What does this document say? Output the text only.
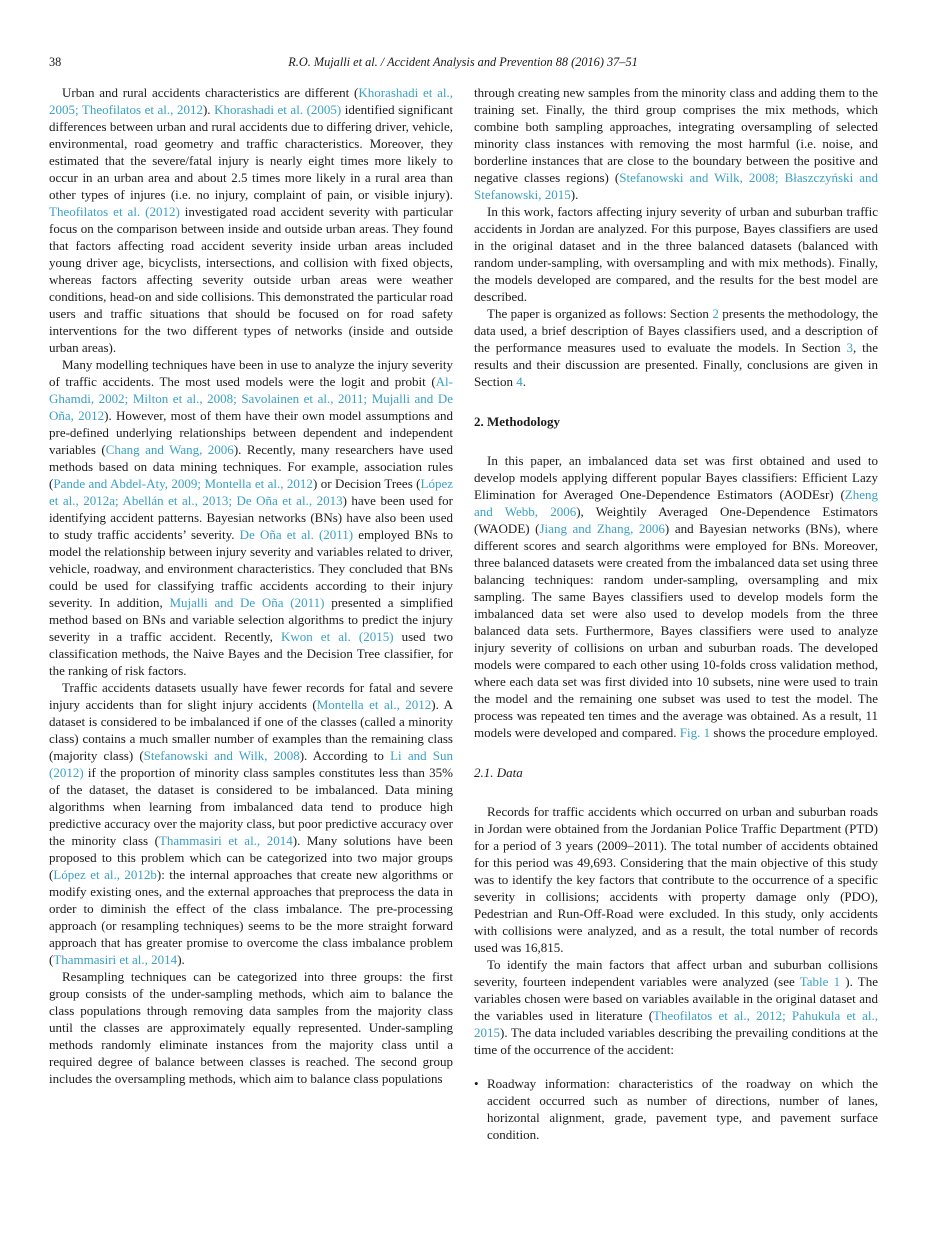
38	R.O. Mujalli et al. / Accident Analysis and Prevention 88 (2016) 37–51

Urban and rural accidents characteristics are different (Khorashadi et al., 2005; Theofilatos et al., 2012). Khorashadi et al. (2005) identified significant differences between urban and rural accidents due to differing driver, vehicle, environmental, road geometry and traffic characteristics. Moreover, they estimated that the severe/fatal injury is nearly eight times more likely to occur in an urban area and about 2.5 times more likely in a rural area than other types of injures (i.e. no injury, complaint of pain, or visible injury). Theofilatos et al. (2012) investigated road accident severity with particular focus on the comparison between inside and outside urban areas. They found that factors affecting road accident severity inside urban areas included young driver age, bicyclists, intersections, and collision with fixed objects, whereas factors affecting severity outside urban areas were weather conditions, head-on and side collisions. This demonstrated the particular road users and traffic situations that should be focused on for road safety interventions for the two different types of networks (inside and outside urban areas).

Many modelling techniques have been in use to analyze the injury severity of traffic accidents. The most used models were the logit and probit (Al-Ghamdi, 2002; Milton et al., 2008; Savolainen et al., 2011; Mujalli and De Oña, 2012). However, most of them have their own model assumptions and pre-defined underlying relationships between dependent and independent variables (Chang and Wang, 2006). Recently, many researchers have used methods based on data mining techniques. For example, association rules (Pande and Abdel-Aty, 2009; Montella et al., 2012) or Decision Trees (López et al., 2012a; Abellán et al., 2013; De Oña et al., 2013) have been used for identifying accident patterns. Bayesian networks (BNs) have also been used to study traffic accidents’ severity. De Oña et al. (2011) employed BNs to model the relationship between injury severity and variables related to driver, vehicle, roadway, and environment characteristics. They concluded that BNs could be used for classifying traffic accidents according to their injury severity. In addition, Mujalli and De Oña (2011) presented a simplified method based on BNs and variable selection algorithms to predict the injury severity in a traffic accident. Recently, Kwon et al. (2015) used two classification methods, the Naive Bayes and the Decision Tree classifier, for the ranking of risk factors.

Traffic accidents datasets usually have fewer records for fatal and severe injury accidents than for slight injury accidents (Montella et al., 2012). A dataset is considered to be imbalanced if one of the classes (called a minority class) contains a much smaller number of examples than the remaining class (majority class) (Stefanowski and Wilk, 2008). According to Li and Sun (2012) if the proportion of minority class samples constitutes less than 35% of the dataset, the dataset is considered to be imbalanced. Data mining algorithms when learning from imbalanced data tend to produce high predictive accuracy over the majority class, but poor predictive accuracy over the minority class (Thammasiri et al., 2014). Many solutions have been proposed to this problem which can be categorized into two major groups (López et al., 2012b): the internal approaches that create new algorithms or modify existing ones, and the external approaches that preprocess the data in order to diminish the effect of the class imbalance. The pre-processing approach (or resampling techniques) seems to be the more straight forward approach that has greater promise to overcome the class imbalance problem (Thammasiri et al., 2014).

Resampling techniques can be categorized into three groups: the first group consists of the under-sampling methods, which aim to balance the class populations through removing data samples from the majority class until the classes are approximately equally represented. Under-sampling methods randomly eliminate instances from the majority class until a required degree of balance between classes is reached. The second group includes the oversampling methods, which aim to balance class populations

through creating new samples from the minority class and adding them to the training set. Finally, the third group comprises the mix methods, which combine both sampling approaches, integrating oversampling of selected minority class instances with removing the most harmful (i.e. noise, and borderline instances that are close to the boundary between the positive and negative classes regions) (Stefanowski and Wilk, 2008; Błaszczyński and Stefanowski, 2015).

In this work, factors affecting injury severity of urban and suburban traffic accidents in Jordan are analyzed. For this purpose, Bayes classifiers are used in the original dataset and in the three balanced datasets (balanced with random under-sampling, with oversampling and with mix methods). Finally, the models developed are compared, and the results for the best model are described.

The paper is organized as follows: Section 2 presents the methodology, the data used, a brief description of Bayes classifiers used, and a description of the performance measures used to evaluate the models. In Section 3, the results and their discussion are presented. Finally, conclusions are given in Section 4.

2. Methodology

In this paper, an imbalanced data set was first obtained and used to develop models applying different popular Bayes classifiers: Efficient Lazy Elimination for Averaged One-Dependence Estimators (AODEsr) (Zheng and Webb, 2006), Weightily Averaged One-Dependence Estimators (WAODE) (Jiang and Zhang, 2006) and Bayesian networks (BNs), where different scores and search algorithms were employed for BNs. Moreover, three balanced datasets were created from the imbalanced data set using three balancing techniques: random under-sampling, oversampling and mix sampling. The same Bayes classifiers used to develop models form the imbalanced data set were also used to develop models from the three balanced data sets. Furthermore, Bayes classifiers were used to analyze injury severity of collisions on urban and suburban roads. The developed models were compared to each other using 10-folds cross validation method, where each data set was first divided into 10 subsets, nine were used to train the model and the remaining one subset was used to test the model. The process was repeated ten times and the average was obtained. As a result, 11 models were developed and compared. Fig. 1 shows the procedure employed.

2.1. Data

Records for traffic accidents which occurred on urban and suburban roads in Jordan were obtained from the Jordanian Police Traffic Department (PTD) for a period of 3 years (2009–2011). The total number of accidents obtained for this period was 49,693. Considering that the main objective of this study was to identify the key factors that contribute to the occurrence of a specific severity in collisions; accidents with property damage only (PDO), Pedestrian and Run-Off-Road were excluded. In this study, only accidents with collisions were analyzed, and as a result, the total number of records used was 16,815.

To identify the main factors that affect urban and suburban collisions severity, fourteen independent variables were analyzed (see Table 1 ). The variables chosen were based on variables available in the original dataset and the variables used in literature (Theofilatos et al., 2012; Pahukula et al., 2015). The data included variables describing the prevailing conditions at the time of the occurrence of the accident:

• Roadway information: characteristics of the roadway on which the accident occurred such as number of directions, number of lanes, horizontal alignment, grade, pavement type, and pavement surface condition.
